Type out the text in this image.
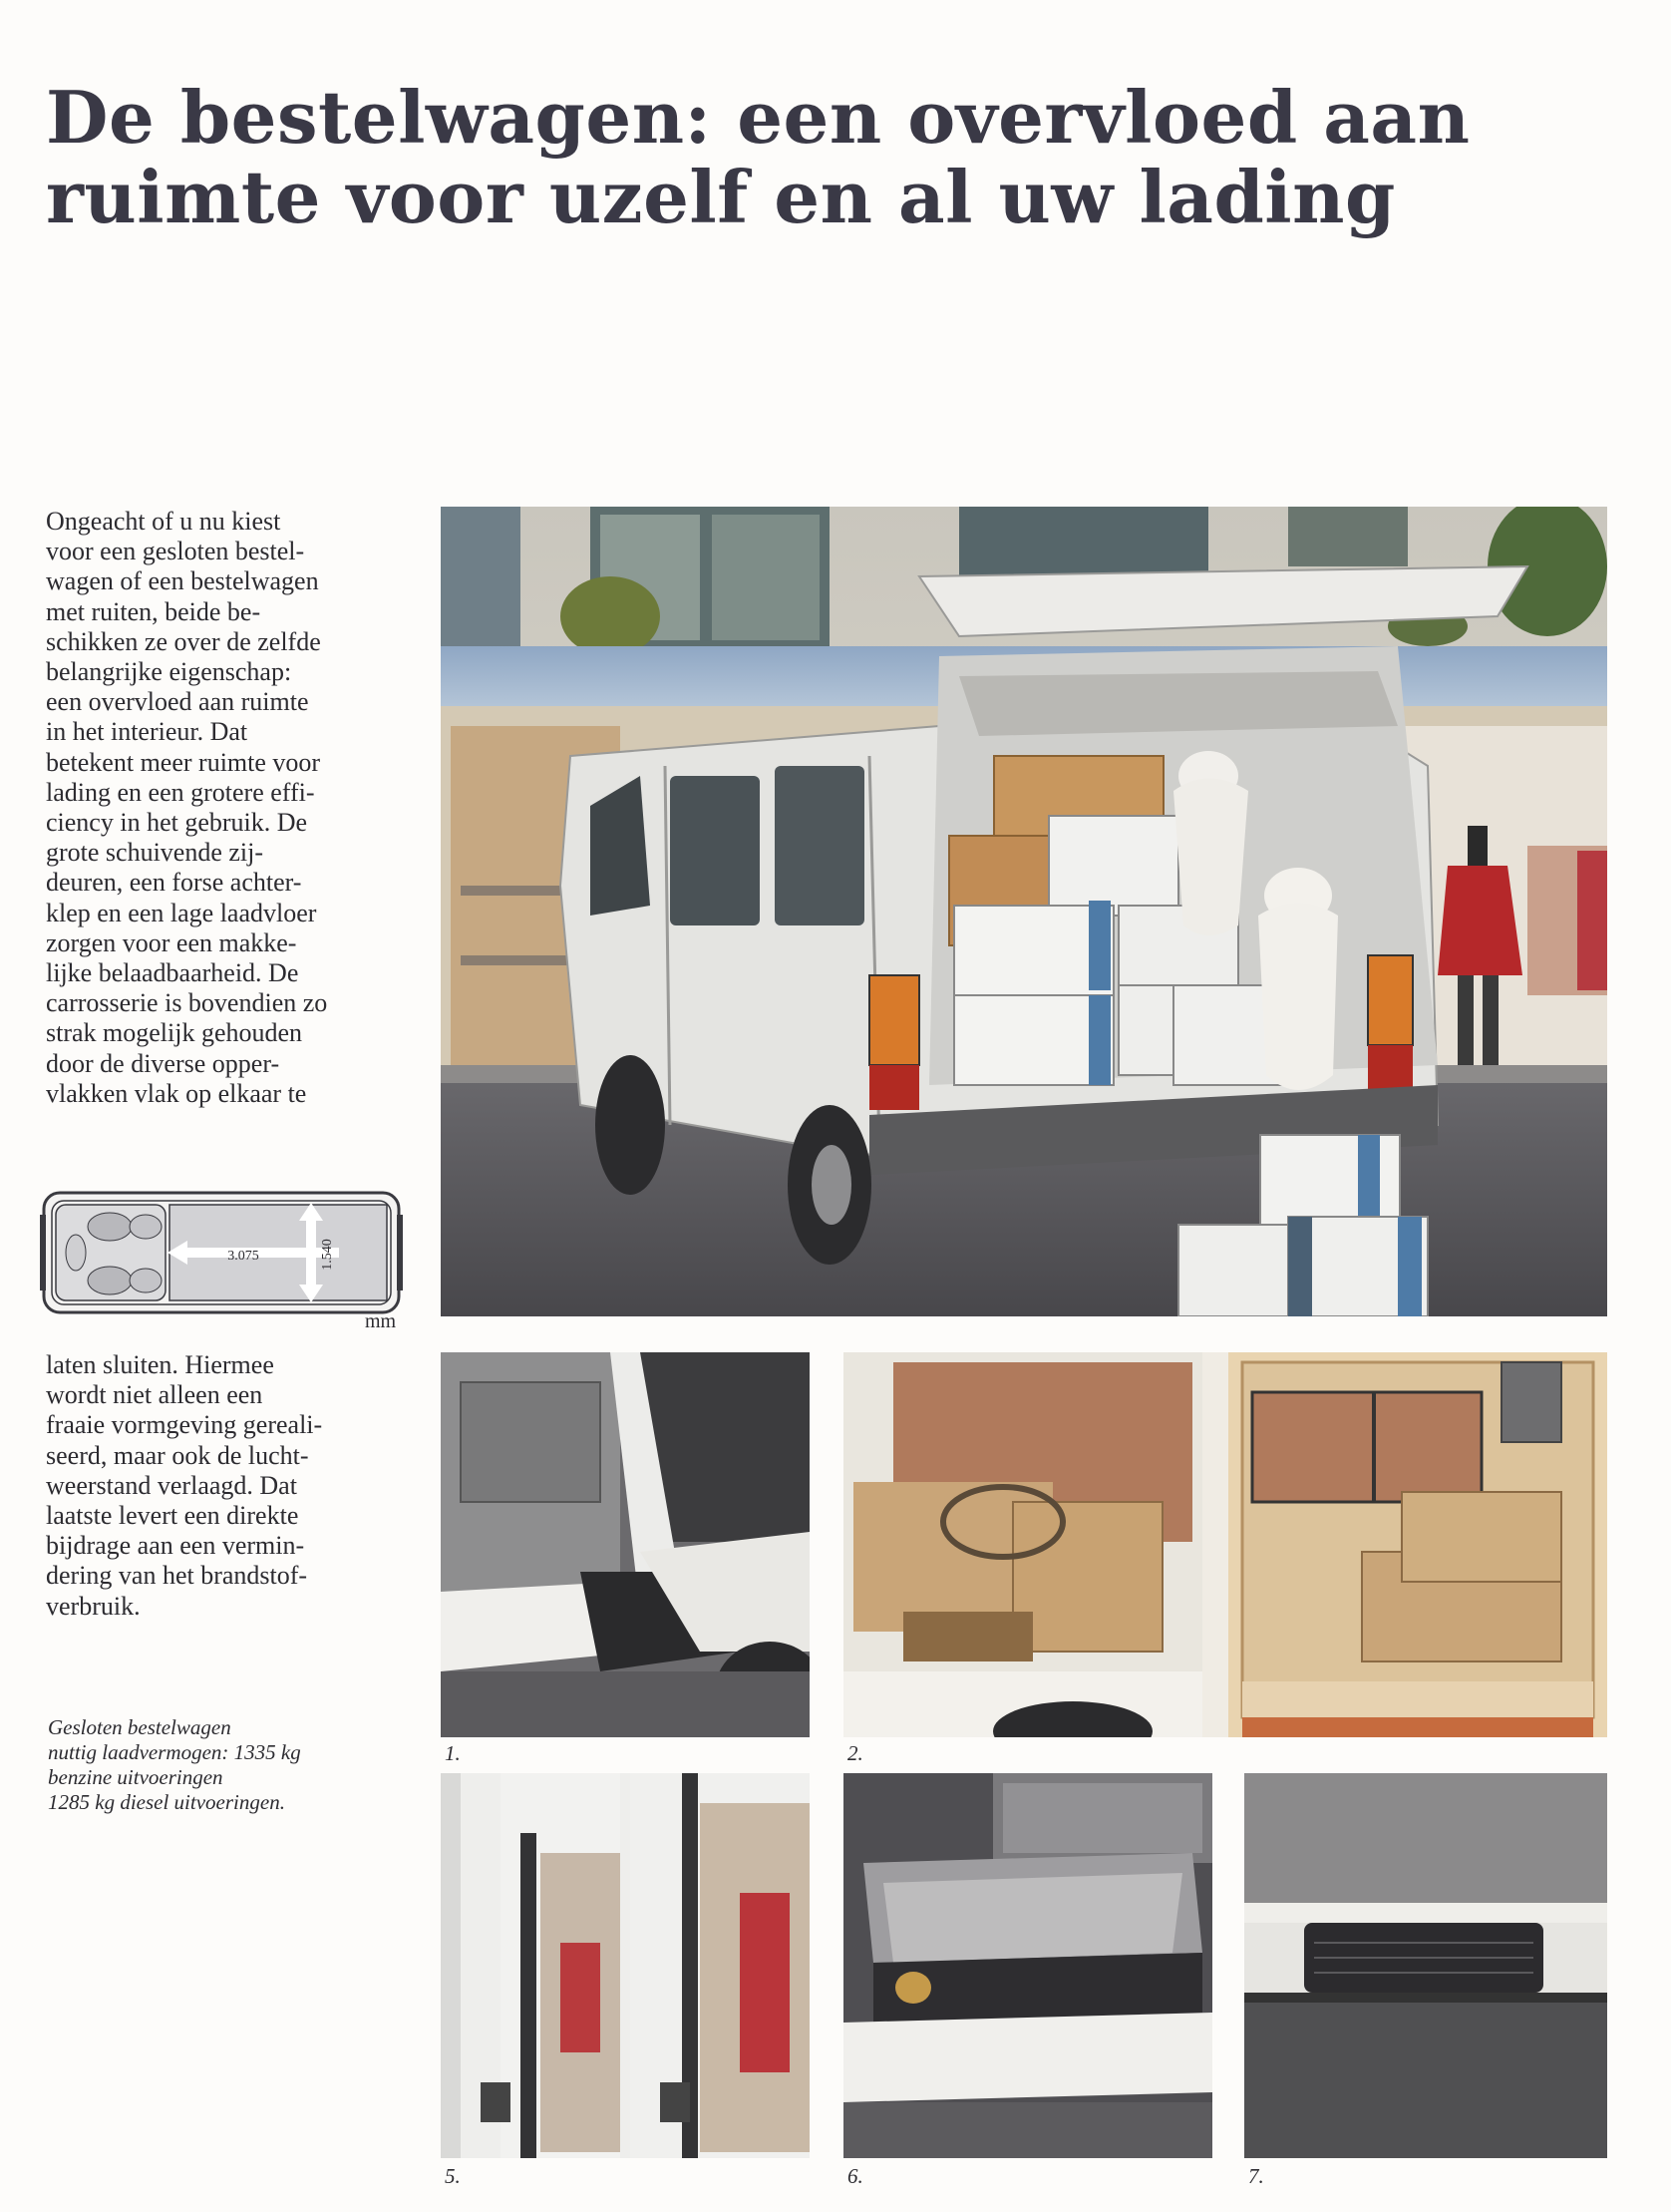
De bestelwagen: een overvloed aan
ruimte voor uzelf en al uw lading
Ongeacht of u nu kiest
voor een gesloten bestel-
wagen of een bestelwagen
met ruiten, beide be-
schikken ze over de zelfde
belangrijke eigenschap:
een overvloed aan ruimte
in het interieur. Dat
betekent meer ruimte voor
lading en een grotere effi-
ciency in het gebruik. De
grote schuivende zij-
deuren, een forse achter-
klep en een lage laadvloer
zorgen voor een makke-
lijke belaadbaarheid. De
carrosserie is bovendien zo
strak mogelijk gehouden
door de diverse opper-
vlakken vlak op elkaar te
3.075	1.540
mm
laten sluiten. Hiermee
wordt niet alleen een
fraaie vormgeving gereali-
seerd, maar ook de lucht-
weerstand verlaagd. Dat
laatste levert een direkte
bijdrage aan een vermin-
dering van het brandstof-
verbruik.
Gesloten bestelwagen
nuttig laadvermogen: 1335 kg
benzine uitvoeringen
1285 kg diesel uitvoeringen.
1.	2.
5.	6.	7.
